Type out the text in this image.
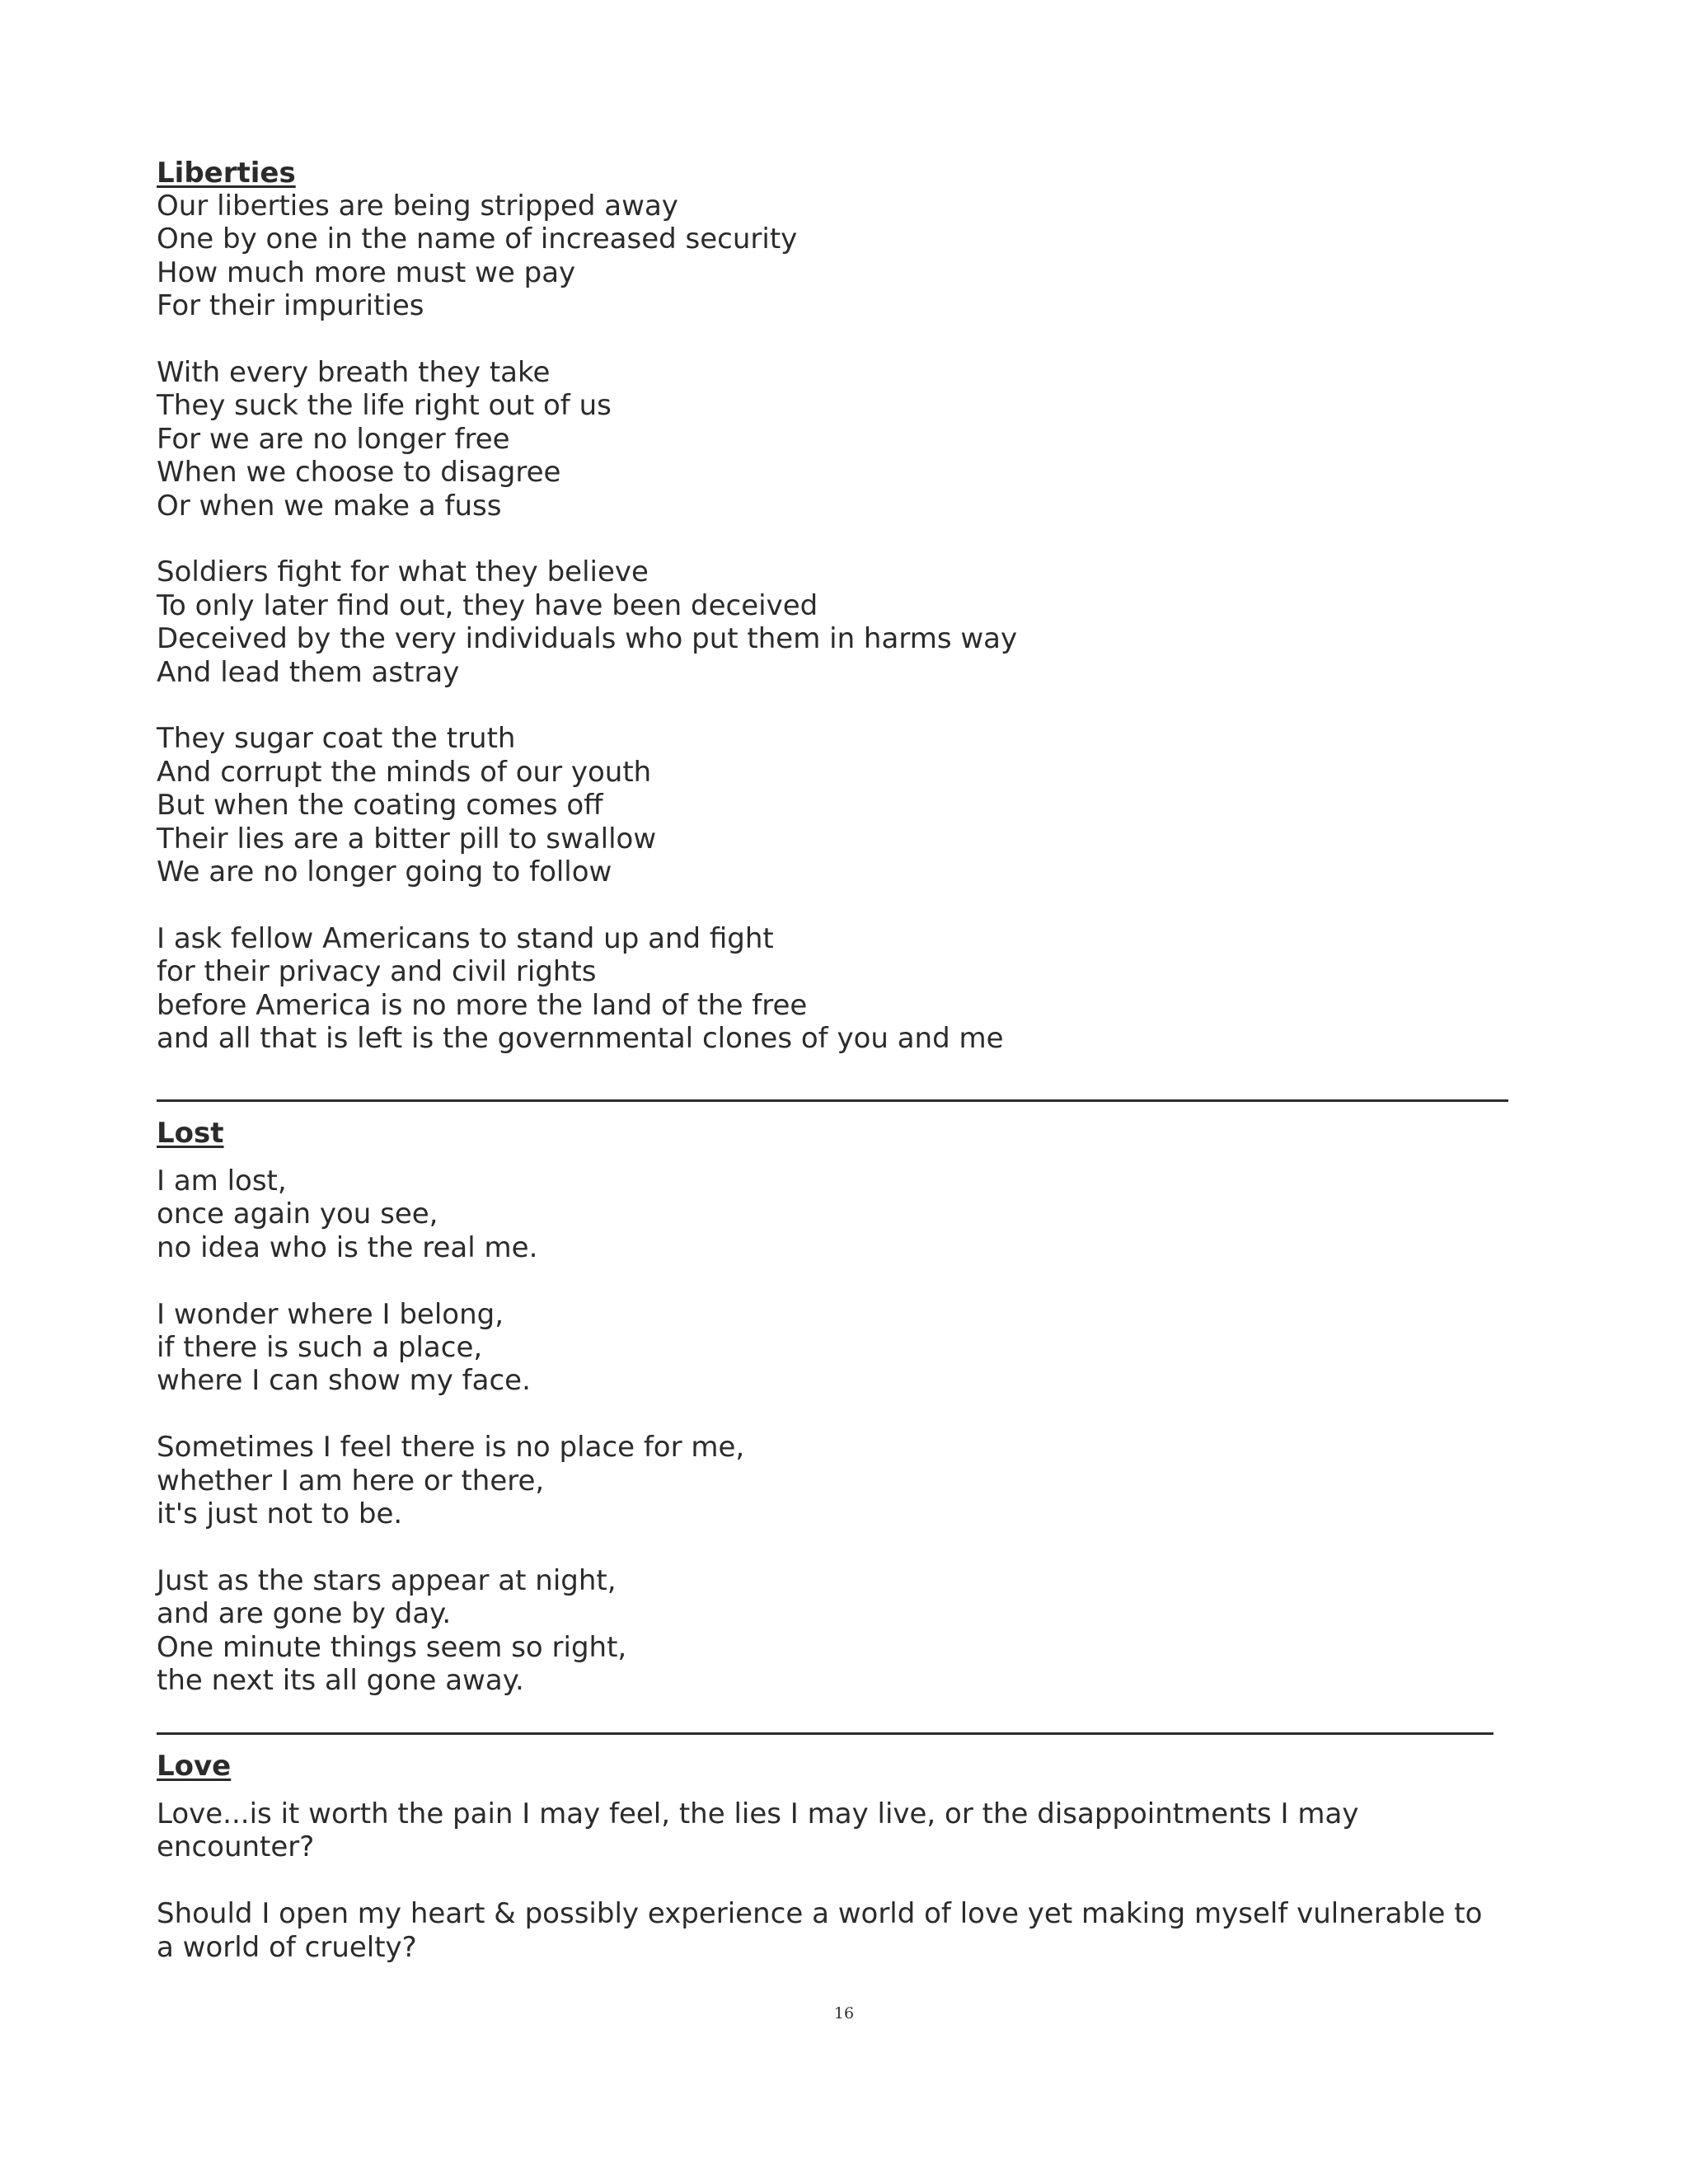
Liberties
Our liberties are being stripped away
One by one in the name of increased security
How much more must we pay
For their impurities
With every breath they take
They suck the life right out of us
For we are no longer free
When we choose to disagree
Or when we make a fuss
Soldiers fight for what they believe
To only later find out, they have been deceived
Deceived by the very individuals who put them in harms way
And lead them astray
They sugar coat the truth
And corrupt the minds of our youth
But when the coating comes off
Their lies are a bitter pill to swallow
We are no longer going to follow
I ask fellow Americans to stand up and fight
for their privacy and civil rights
before America is no more the land of the free
and all that is left is the governmental clones of you and me
Lost
I am lost,
once again you see,
no idea who is the real me.
I wonder where I belong,
if there is such a place,
where I can show my face.
Sometimes I feel there is no place for me,
whether I am here or there,
it's just not to be.
Just as the stars appear at night,
and are gone by day.
One minute things seem so right,
the next its all gone away.
Love
Love...is it worth the pain I may feel, the lies I may live, or the disappointments I may encounter?
Should I open my heart & possibly experience a world of love yet making myself vulnerable to a world of cruelty?
16
